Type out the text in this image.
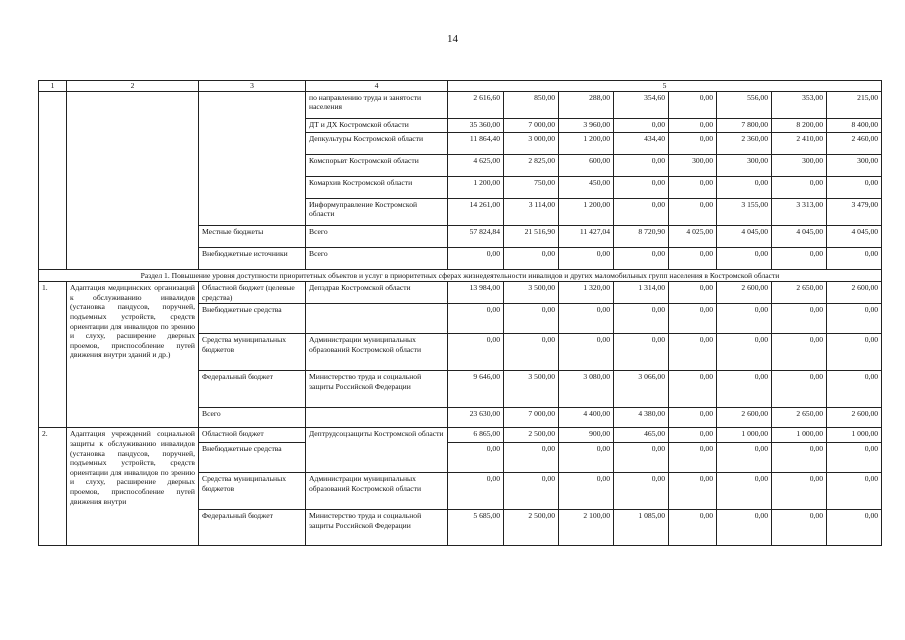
14
1	2	3	4	5							
			по направлению труда и занятости населения	2 616,60	850,00	288,00	354,60	0,00	556,00	353,00	215,00
			ДТ и ДХ Костромской области	35 360,00	7 000,00	3 960,00	0,00	0,00	7 800,00	8 200,00	8 400,00
			Депкультуры Костромской области	11 864,40	3 000,00	1 200,00	434,40	0,00	2 360,00	2 410,00	2 460,00
			Комспорьвт Костромской области	4 625,00	2 825,00	600,00	0,00	300,00	300,00	300,00	300,00
			Комархив Костромской области	1 200,00	750,00	450,00	0,00	0,00	0,00	0,00	0,00
			Информуправление Костромской области	14 261,00	3 114,00	1 200,00	0,00	0,00	3 155,00	3 313,00	3 479,00
		Местные бюджеты	Всего	57 824,84	21 516,90	11 427,04	8 720,90	4 025,00	4 045,00	4 045,00	4 045,00
		Внебюджетные источники	Всего	0,00	0,00	0,00	0,00	0,00	0,00	0,00	0,00
Раздел 1. Повышение уровня доступности приоритетных объектов и услуг в приоритетных сферах жизнедеятельности инвалидов и других маломобильных групп населения в Костромской области											
1.	Адаптация медицинских организаций к обслуживанию инвалидов (установка пандусов, поручней, подъемных устройств, средств ориентации для инвалидов по зрению и слуху, расширение дверных проемов, приспособление путей движения внутри зданий и др.)	Областной бюджет (целевые средства)	Депздрав Костромской области	13 984,00	3 500,00	1 320,00	1 314,00	0,00	2 600,00	2 650,00	2 600,00
		Внебюджетные средства		0,00	0,00	0,00	0,00	0,00	0,00	0,00	0,00
		Средства муниципальных бюджетов	Администрации муниципальных образований Костромской области	0,00	0,00	0,00	0,00	0,00	0,00	0,00	0,00
		Федеральный бюджет	Министерство труда и социальной защиты Российской Федерации	9 646,00	3 500,00	3 080,00	3 066,00	0,00	0,00	0,00	0,00
		Всего		23 630,00	7 000,00	4 400,00	4 380,00	0,00	2 600,00	2 650,00	2 600,00
2.	Адаптация учреждений социальной защиты к обслуживанию инвалидов (установка пандусов, поручней, подъемных устройств, средств ориентации для инвалидов по зрению и слуху, расширение дверных проемов, приспособление путей движения внутри	Областной бюджет	Дептрудсоцзащиты Костромской области	6 865,00	2 500,00	900,00	465,00	0,00	1 000,00	1 000,00	1 000,00
		Внебюджетные средства		0,00	0,00	0,00	0,00	0,00	0,00	0,00	0,00
		Средства муниципальных бюджетов	Администрации муниципальных образований Костромской области	0,00	0,00	0,00	0,00	0,00	0,00	0,00	0,00
		Федеральный бюджет	Министерство труда и социальной защиты Российской Федерации	5 685,00	2 500,00	2 100,00	1 085,00	0,00	0,00	0,00	0,00
